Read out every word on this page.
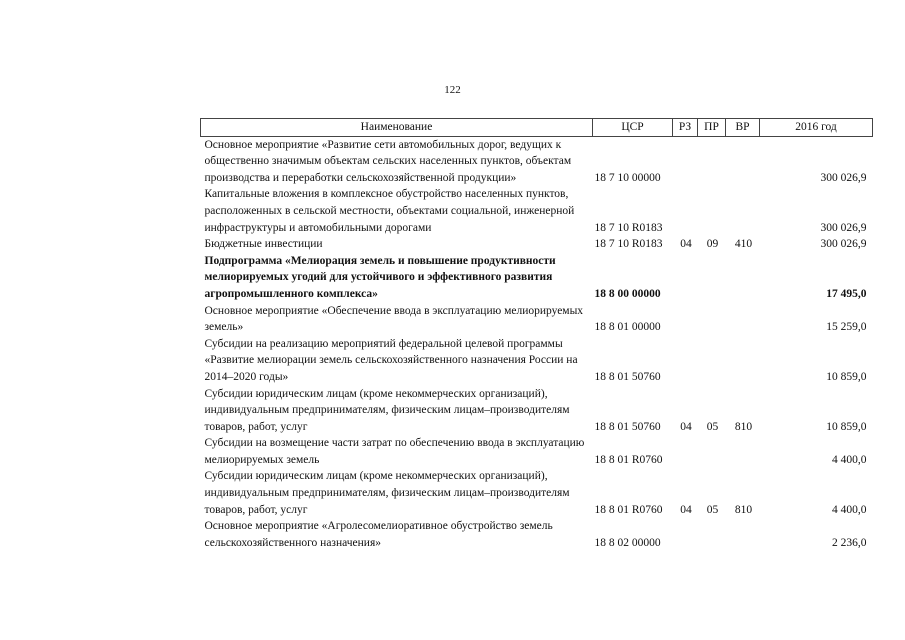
122
Наименование	ЦСР	РЗ	ПР	ВР	2016 год
Основное мероприятие «Развитие сети автомобильных дорог, ведущих к общественно значимым объектам сельских населенных пунктов, объектам производства и переработки сельскохозяйственной продукции»	18 7 10 00000				300 026,9
Капитальные вложения в комплексное обустройство населенных пунктов, расположенных в сельской местности, объектами социальной, инженерной инфраструктуры и автомобильными дорогами	18 7 10 R0183				300 026,9
Бюджетные инвестиции	18 7 10 R0183	04	09	410	300 026,9
Подпрограмма «Мелиорация земель и повышение продуктивности мелиорируемых угодий для устойчивого и эффективного развития агропромышленного комплекса»	18 8 00 00000				17 495,0
Основное мероприятие «Обеспечение ввода в эксплуатацию мелиорируемых земель»	18 8 01 00000				15 259,0
Субсидии на реализацию мероприятий федеральной целевой программы «Развитие мелиорации земель сельскохозяйственного назначения России на 2014–2020 годы»	18 8 01 50760				10 859,0
Субсидии юридическим лицам (кроме некоммерческих организаций), индивидуальным предпринимателям, физическим лицам–производителям товаров, работ, услуг	18 8 01 50760	04	05	810	10 859,0
Субсидии на возмещение части затрат по обеспечению ввода в эксплуатацию мелиорируемых земель	18 8 01 R0760				4 400,0
Субсидии юридическим лицам (кроме некоммерческих организаций), индивидуальным предпринимателям, физическим лицам–производителям товаров, работ, услуг	18 8 01 R0760	04	05	810	4 400,0
Основное мероприятие «Агролесомелиоративное обустройство земель сельскохозяйственного назначения»	18 8 02 00000				2 236,0
